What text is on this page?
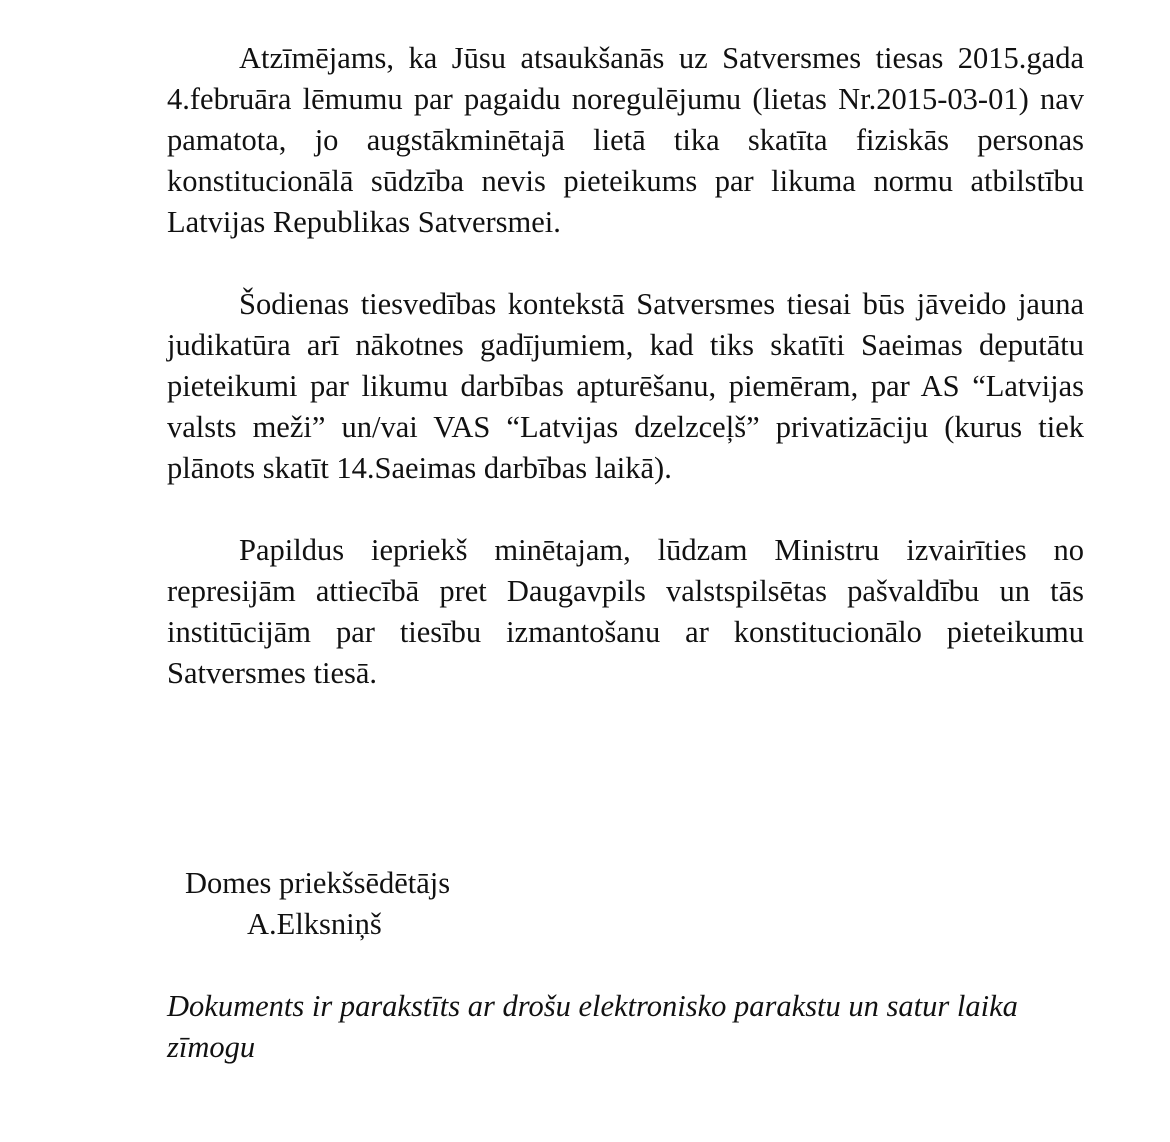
Atzīmējams, ka Jūsu atsaukšanās uz Satversmes tiesas 2015.gada 4.februāra lēmumu par pagaidu noregulējumu (lietas Nr.2015-03-01) nav pamatota, jo augstākminētajā lietā tika skatīta fiziskās personas konstitucionālā sūdzība nevis pieteikums par likuma normu atbilstību Latvijas Republikas Satversmei.

Šodienas tiesvedības kontekstā Satversmes tiesai būs jāveido jauna judikatūra arī nākotnes gadījumiem, kad tiks skatīti Saeimas deputātu pieteikumi par likumu darbības apturēšanu, piemēram, par AS “Latvijas valsts meži” un/vai VAS “Latvijas dzelzceļš” privatizāciju (kurus tiek plānots skatīt 14.Saeimas darbības laikā).

Papildus iepriekš minētajam, lūdzam Ministru izvairīties no represijām attiecībā pret Daugavpils valstspilsētas pašvaldību un tās institūcijām par tiesību izmantošanu ar konstitucionālo pieteikumu Satversmes tiesā.

Domes priekšsēdētājs
A.Elksniņš

Dokuments ir parakstīts ar drošu elektronisko parakstu un satur laika zīmogu
